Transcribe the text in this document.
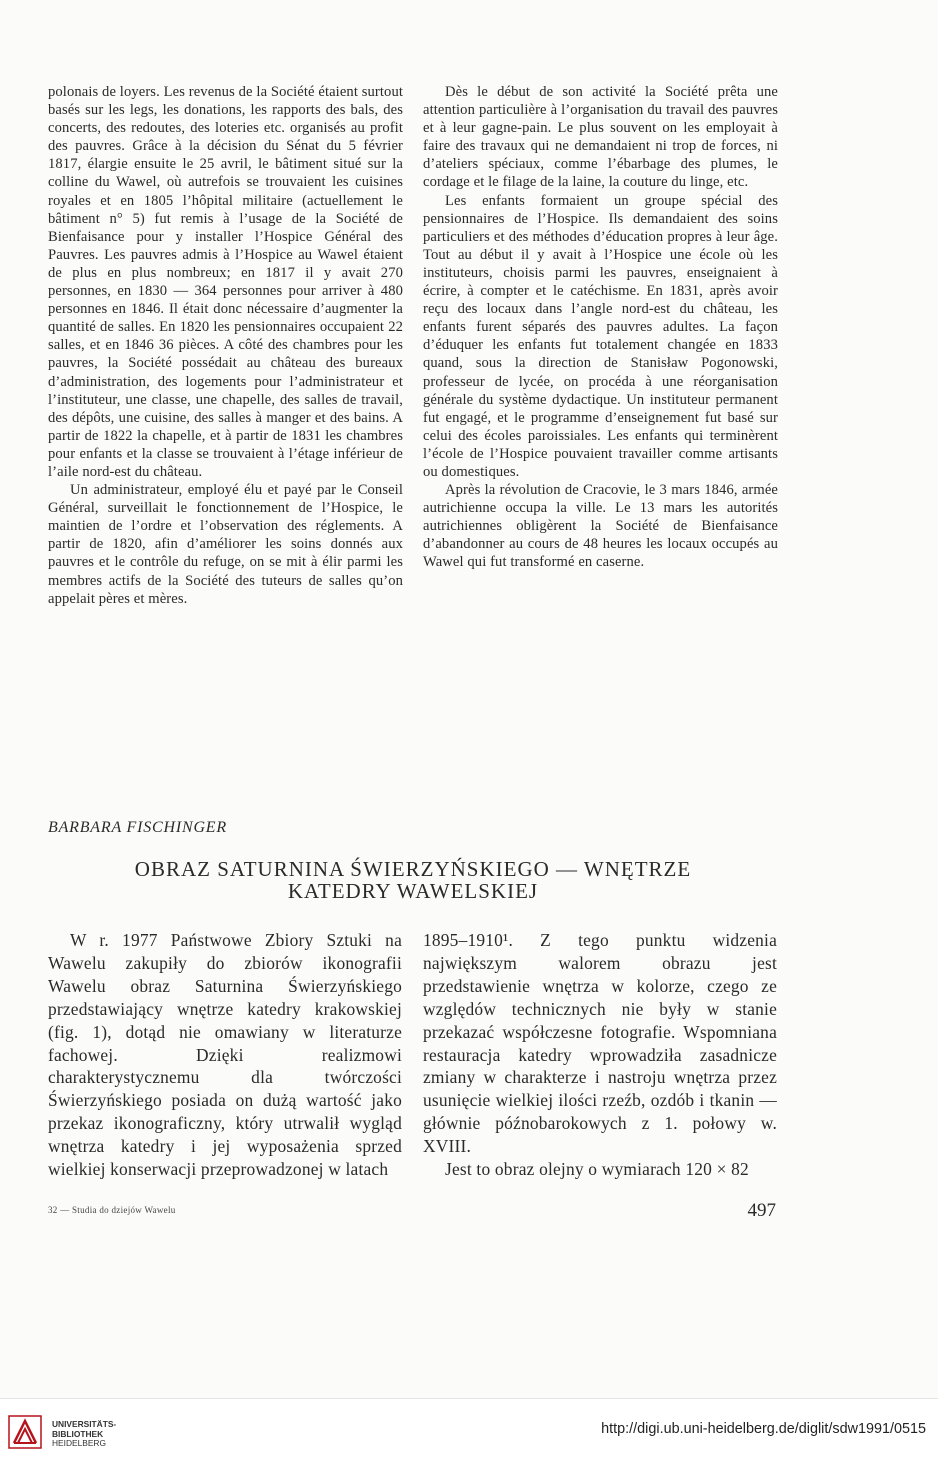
polonais de loyers. Les revenus de la Société étaient surtout basés sur les legs, les donations, les rapports des bals, des concerts, des redoutes, des loteries etc. organisés au profit des pauvres. Grâce à la décision du Sénat du 5 février 1817, élargie ensuite le 25 avril, le bâtiment situé sur la colline du Wawel, où autrefois se trouvaient les cuisines royales et en 1805 l’hôpital militaire (actuellement le bâtiment n° 5) fut remis à l’usage de la Société de Bienfaisance pour y installer l’Hospice Général des Pauvres. Les pauvres admis à l’Hospice au Wawel étaient de plus en plus nombreux; en 1817 il y avait 270 personnes, en 1830 — 364 personnes pour arriver à 480 personnes en 1846. Il était donc nécessaire d’augmenter la quantité de salles. En 1820 les pensionnaires occupaient 22 salles, et en 1846 36 pièces. A côté des chambres pour les pauvres, la Société possédait au château des bureaux d’administration, des logements pour l’administrateur et l’instituteur, une classe, une chapelle, des salles de travail, des dépôts, une cuisine, des salles à manger et des bains. A partir de 1822 la chapelle, et à partir de 1831 les chambres pour enfants et la classe se trouvaient à l’étage inférieur de l’aile nord-est du château.

Un administrateur, employé élu et payé par le Conseil Général, surveillait le fonctionnement de l’Hospice, le maintien de l’ordre et l’observation des réglements. A partir de 1820, afin d’améliorer les soins donnés aux pauvres et le contrôle du refuge, on se mit à élir parmi les membres actifs de la Société des tuteurs de salles qu’on appelait pères et mères.

Dès le début de son activité la Société prêta une attention particulière à l’organisation du travail des pauvres et à leur gagne-pain. Le plus souvent on les employait à faire des travaux qui ne demandaient ni trop de forces, ni d’ateliers spéciaux, comme l’ébarbage des plumes, le cordage et le filage de la laine, la couture du linge, etc.

Les enfants formaient un groupe spécial des pensionnaires de l’Hospice. Ils demandaient des soins particuliers et des méthodes d’éducation propres à leur âge. Tout au début il y avait à l’Hospice une école où les instituteurs, choisis parmi les pauvres, enseignaient à écrire, à compter et le catéchisme. En 1831, après avoir reçu des locaux dans l’angle nord-est du château, les enfants furent séparés des pauvres adultes. La façon d’éduquer les enfants fut totalement changée en 1833 quand, sous la direction de Stanisław Pogonowski, professeur de lycée, on procéda à une réorganisation générale du système dydactique. Un instituteur permanent fut engagé, et le programme d’enseignement fut basé sur celui des écoles paroissiales. Les enfants qui terminèrent l’école de l’Hospice pouvaient travailler comme artisants ou domestiques.

Après la révolution de Cracovie, le 3 mars 1846, armée autrichienne occupa la ville. Le 13 mars les autorités autrichiennes obligèrent la Société de Bienfaisance d’abandonner au cours de 48 heures les locaux occupés au Wawel qui fut transformé en caserne.

BARBARA FISCHINGER
OBRAZ SATURNINA ŚWIERZYŃSKIEGO — WNĘTRZE
KATEDRY WAWELSKIEJ

W r. 1977 Państwowe Zbiory Sztuki na Wawelu zakupiły do zbiorów ikonografii Wawelu obraz Saturnina Świerzyńskiego przedstawiający wnętrze katedry krakowskiej (fig. 1), dotąd nie omawiany w literaturze fachowej. Dzięki realizmowi charakterystycznemu dla twórczości Świerzyńskiego posiada on dużą wartość jako przekaz ikonograficzny, który utrwalił wygląd wnętrza katedry i jej wyposażenia sprzed wielkiej konserwacji przeprowadzonej w latach

1895–1910¹. Z tego punktu widzenia największym walorem obrazu jest przedstawienie wnętrza w kolorze, czego ze względów technicznych nie były w stanie przekazać współczesne fotografie. Wspomniana restauracja katedry wprowadziła zasadnicze zmiany w charakterze i nastroju wnętrza przez usunięcie wielkiej ilości rzeźb, ozdób i tkanin — głównie późnobarokowych z 1. połowy w. XVIII.

Jest to obraz olejny o wymiarach 120 × 82

32 — Studia do dziejów Wawelu	497
UNIVERSITÄTS-
BIBLIOTHEK
HEIDELBERG
http://digi.ub.uni-heidelberg.de/diglit/sdw1991/0515
